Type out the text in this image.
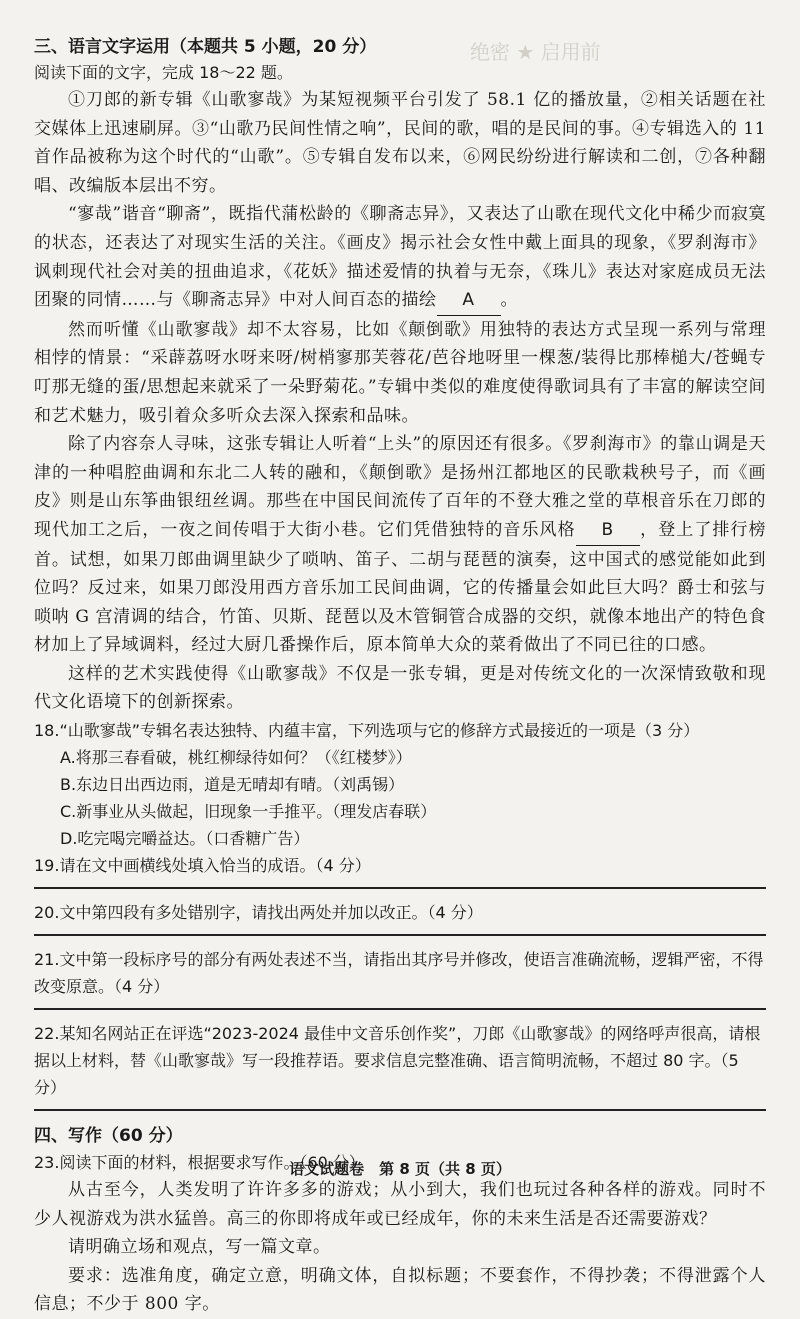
绝密 ★ 启用前

三、语言文字运用（本题共 5 小题，20 分）

阅读下面的文字，完成 18～22 题。

①刀郎的新专辑《山歌寥哉》为某短视频平台引发了 58.1 亿的播放量，②相关话题在社交媒体上迅速刷屏。③“山歌乃民间性情之响”，民间的歌，唱的是民间的事。④专辑选入的 11 首作品被称为这个时代的“山歌”。⑤专辑自发布以来，⑥网民纷纷进行解读和二创，⑦各种翻唱、改编版本层出不穷。

“寥哉”谐音“聊斋”，既指代蒲松龄的《聊斋志异》，又表达了山歌在现代文化中稀少而寂寞的状态，还表达了对现实生活的关注。《画皮》揭示社会女性中戴上面具的现象，《罗刹海市》讽刺现代社会对美的扭曲追求，《花妖》描述爱情的执着与无奈，《珠儿》表达对家庭成员无法团聚的同情……与《聊斋志异》中对人间百态的描绘 A 。

然而听懂《山歌寥哉》却不太容易，比如《颠倒歌》用独特的表达方式呈现一系列与常理相悖的情景：“采薜荔呀水呀来呀/树梢寥那芙蓉花/芭谷地呀里一棵葱/装得比那棒槌大/苍蝇专叮那无缝的蛋/思想起来就采了一朵野菊花。”专辑中类似的难度使得歌词具有了丰富的解读空间和艺术魅力，吸引着众多听众去深入探索和品味。

除了内容奈人寻味，这张专辑让人听着“上头”的原因还有很多。《罗刹海市》的靠山调是天津的一种唱腔曲调和东北二人转的融和，《颠倒歌》是扬州江都地区的民歌栽秧号子，而《画皮》则是山东筝曲银纽丝调。那些在中国民间流传了百年的不登大雅之堂的草根音乐在刀郎的现代加工之后，一夜之间传唱于大街小巷。它们凭借独特的音乐风格 B ，登上了排行榜首。试想，如果刀郎曲调里缺少了唢呐、笛子、二胡与琵琶的演奏，这中国式的感觉能如此到位吗？反过来，如果刀郎没用西方音乐加工民间曲调，它的传播量会如此巨大吗？爵士和弦与唢呐 G 宫清调的结合，竹笛、贝斯、琵琶以及木管铜管合成器的交织，就像本地出产的特色食材加上了异域调料，经过大厨几番操作后，原本简单大众的菜肴做出了不同已往的口感。

这样的艺术实践使得《山歌寥哉》不仅是一张专辑，更是对传统文化的一次深情致敬和现代文化语境下的创新探索。

18.“山歌寥哉”专辑名表达独特、内蕴丰富，下列选项与它的修辞方式最接近的一项是（3 分）

A.将那三春看破，桃红柳绿待如何？（《红楼梦》）

B.东边日出西边雨，道是无晴却有晴。（刘禹锡）

C.新事业从头做起，旧现象一手推平。（理发店春联）

D.吃完喝完嚼益达。（口香糖广告）

19.请在文中画横线处填入恰当的成语。（4 分）

20.文中第四段有多处错别字，请找出两处并加以改正。（4 分）

21.文中第一段标序号的部分有两处表述不当，请指出其序号并修改，使语言准确流畅，逻辑严密，不得改变原意。（4 分）

22.某知名网站正在评选“2023-2024 最佳中文音乐创作奖”，刀郎《山歌寥哉》的网络呼声很高，请根据以上材料，替《山歌寥哉》写一段推荐语。要求信息完整准确、语言简明流畅，不超过 80 字。（5 分）

四、写作（60 分）

23.阅读下面的材料，根据要求写作。（60 分）

从古至今，人类发明了许许多多的游戏；从小到大，我们也玩过各种各样的游戏。同时不少人视游戏为洪水猛兽。高三的你即将成年或已经成年，你的未来生活是否还需要游戏？

请明确立场和观点，写一篇文章。

要求：选准角度，确定立意，明确文体，自拟标题；不要套作，不得抄袭；不得泄露个人信息；不少于 800 字。

语文试题卷　第 8 页（共 8 页）
